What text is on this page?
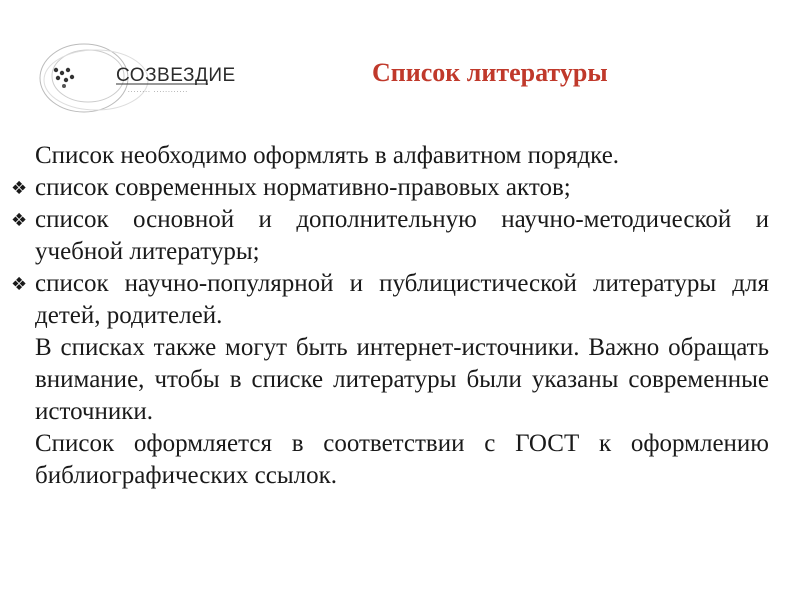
СОЗВЕЗДИЕ
........ ............
Список литературы

Список необходимо оформлять в алфавитном порядке.

❖ список современных нормативно-правовых актов;

❖ список основной и дополнительную научно-методической и учебной литературы;

❖ список научно-популярной и публицистической литературы для детей, родителей.

В списках также могут быть интернет-источники. Важно обращать внимание, чтобы в списке литературы были указаны современные источники.

Список оформляется в соответствии с ГОСТ к оформлению библиографических ссылок.
